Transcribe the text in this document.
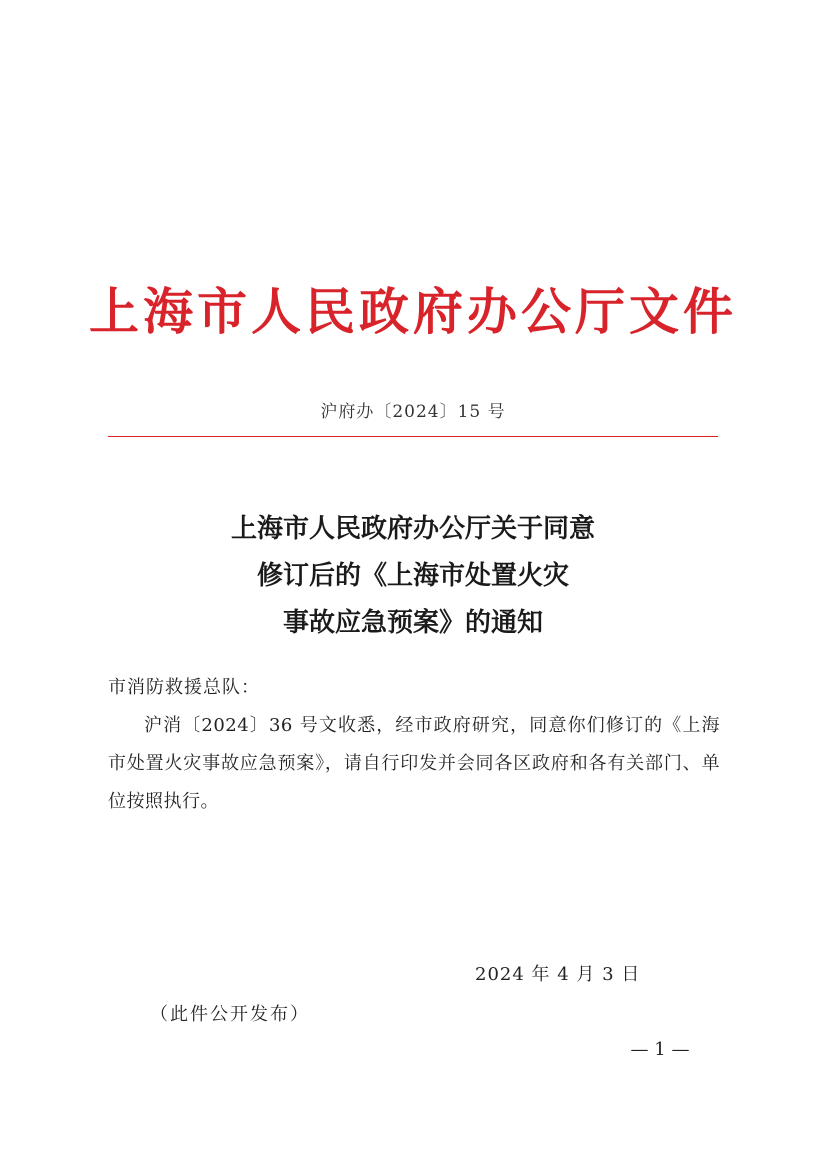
上海市人民政府办公厅文件
沪府办〔2024〕15 号
上海市人民政府办公厅关于同意
修订后的《上海市处置火灾
事故应急预案》的通知
市消防救援总队：
沪消〔2024〕36 号文收悉，经市政府研究，同意你们修订的《上海市处置火灾事故应急预案》，请自行印发并会同各区政府和各有关部门、单位按照执行。
2024 年 4 月 3 日
（此件公开发布）
— 1 —
